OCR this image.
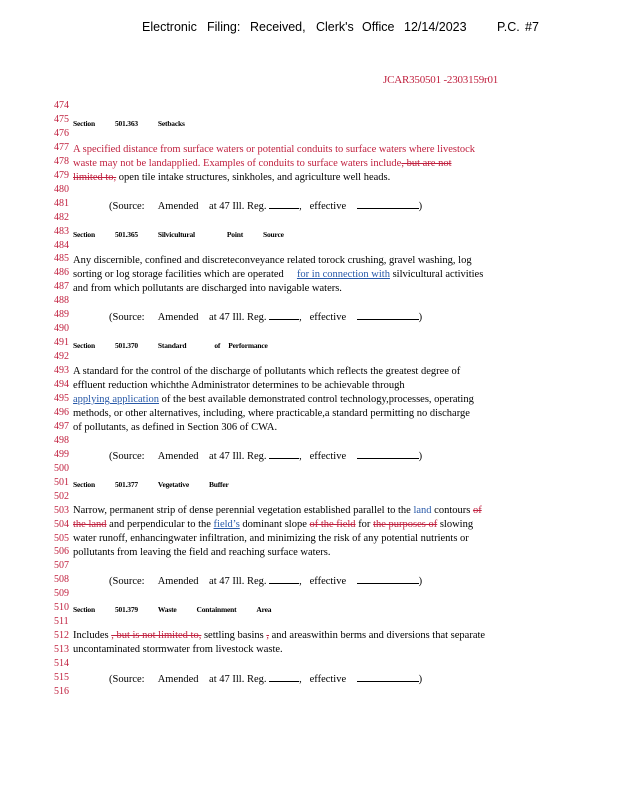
Electronic Filing: Received, Clerk's Office 12/14/2023 P.C. #7
JCAR350501 -2303159r01
474
475
476
477
478
479
480
481
482
483
484
485
486
487
488
489
490
491
492
493
494
495
496
497
498
499
500
501
502
503
504
505
506
507
508
509
510
511
512
513
514
515
516
Section	501.363	Setbacks
A specified distance from surface waters or potential conduits to surface waters where livestock
waste may not be landapplied. Examples of conduits to surface waters include, but are not
limited to, open tile intake structures, sinkholes, and agriculture well heads.
(Source: Amended at 47 Ill. Reg.	, effective	)
Section	501.365	Silvicultural	Point	Source
Any discernible, confined and discreteconveyance related torock crushing, gravel washing, log
sorting or log storage facilities which are operated for in connection with silvicultural activities
and from which pollutants are discharged into navigable waters.
(Source: Amended at 47 Ill. Reg.	, effective	)
Section	501.370	Standard	of Performance
A standard for the control of the discharge of pollutants which reflects the greatest degree of
effluent reduction whichthe Administrator determines to be achievable through
applying application of the best available demonstrated control technology,processes, operating
methods, or other alternatives, including, where practicable,a standard permitting no discharge
of pollutants, as defined in Section 306 of CWA.
(Source: Amended at 47 Ill. Reg.	, effective	)
Section	501.377	Vegetative	Buffer
Narrow, permanent strip of dense perennial vegetation established parallel to the land contours of
the land and perpendicular to the field’s dominant slope of the field for the purposes of slowing
water runoff, enhancingwater infiltration, and minimizing the risk of any potential nutrients or
pollutants from leaving the field and reaching surface waters.
(Source: Amended at 47 Ill. Reg.	, effective	)
Section	501.379	Waste	Containment	Area
Includes , but is not limited to, settling basins , and areaswithin berms and diversions that separate
uncontaminated stormwater from livestock waste.
(Source: Amended at 47 Ill. Reg.	, effective	)
